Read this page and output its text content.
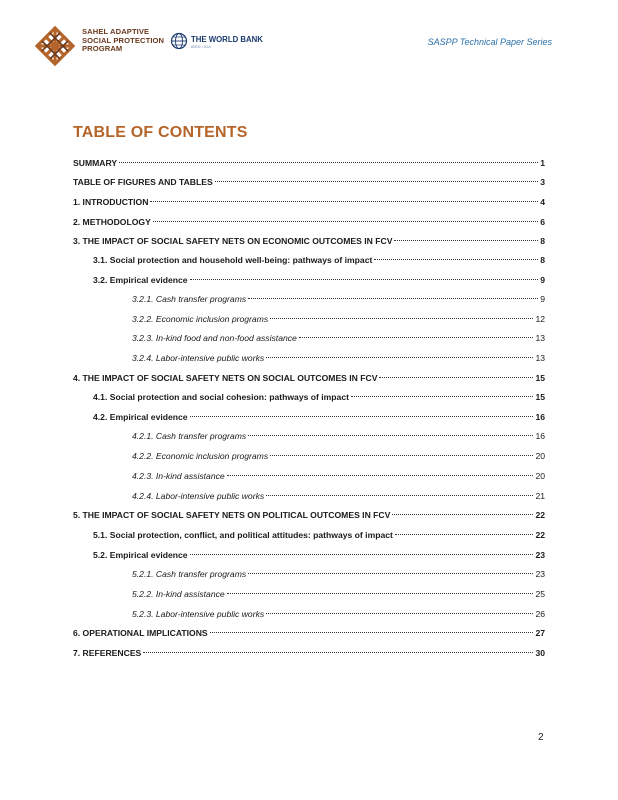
SAHEL ADAPTIVE
SOCIAL PROTECTION
PROGRAM
THE WORLD BANK
IBRD • IDA	SASPP Technical Paper Series
TABLE OF CONTENTS
SUMMARY	1
TABLE OF FIGURES AND TABLES	3
1. INTRODUCTION	4
2. METHODOLOGY	6
3. THE IMPACT OF SOCIAL SAFETY NETS ON ECONOMIC OUTCOMES IN FCV	8
3.1. Social protection and household well-being: pathways of impact	8
3.2. Empirical evidence	9
3.2.1. Cash transfer programs	9
3.2.2. Economic inclusion programs	12
3.2.3. In-kind food and non-food assistance	13
3.2.4. Labor-intensive public works	13
4. THE IMPACT OF SOCIAL SAFETY NETS ON SOCIAL OUTCOMES IN FCV	15
4.1. Social protection and social cohesion: pathways of impact	15
4.2. Empirical evidence	16
4.2.1. Cash transfer programs	16
4.2.2. Economic inclusion programs	20
4.2.3. In-kind assistance	20
4.2.4. Labor-intensive public works	21
5. THE IMPACT OF SOCIAL SAFETY NETS ON POLITICAL OUTCOMES IN FCV	22
5.1. Social protection, conflict, and political attitudes: pathways of impact	22
5.2. Empirical evidence	23
5.2.1. Cash transfer programs	23
5.2.2. In-kind assistance	25
5.2.3. Labor-intensive public works	26
6. OPERATIONAL IMPLICATIONS	27
7. REFERENCES	30
2
